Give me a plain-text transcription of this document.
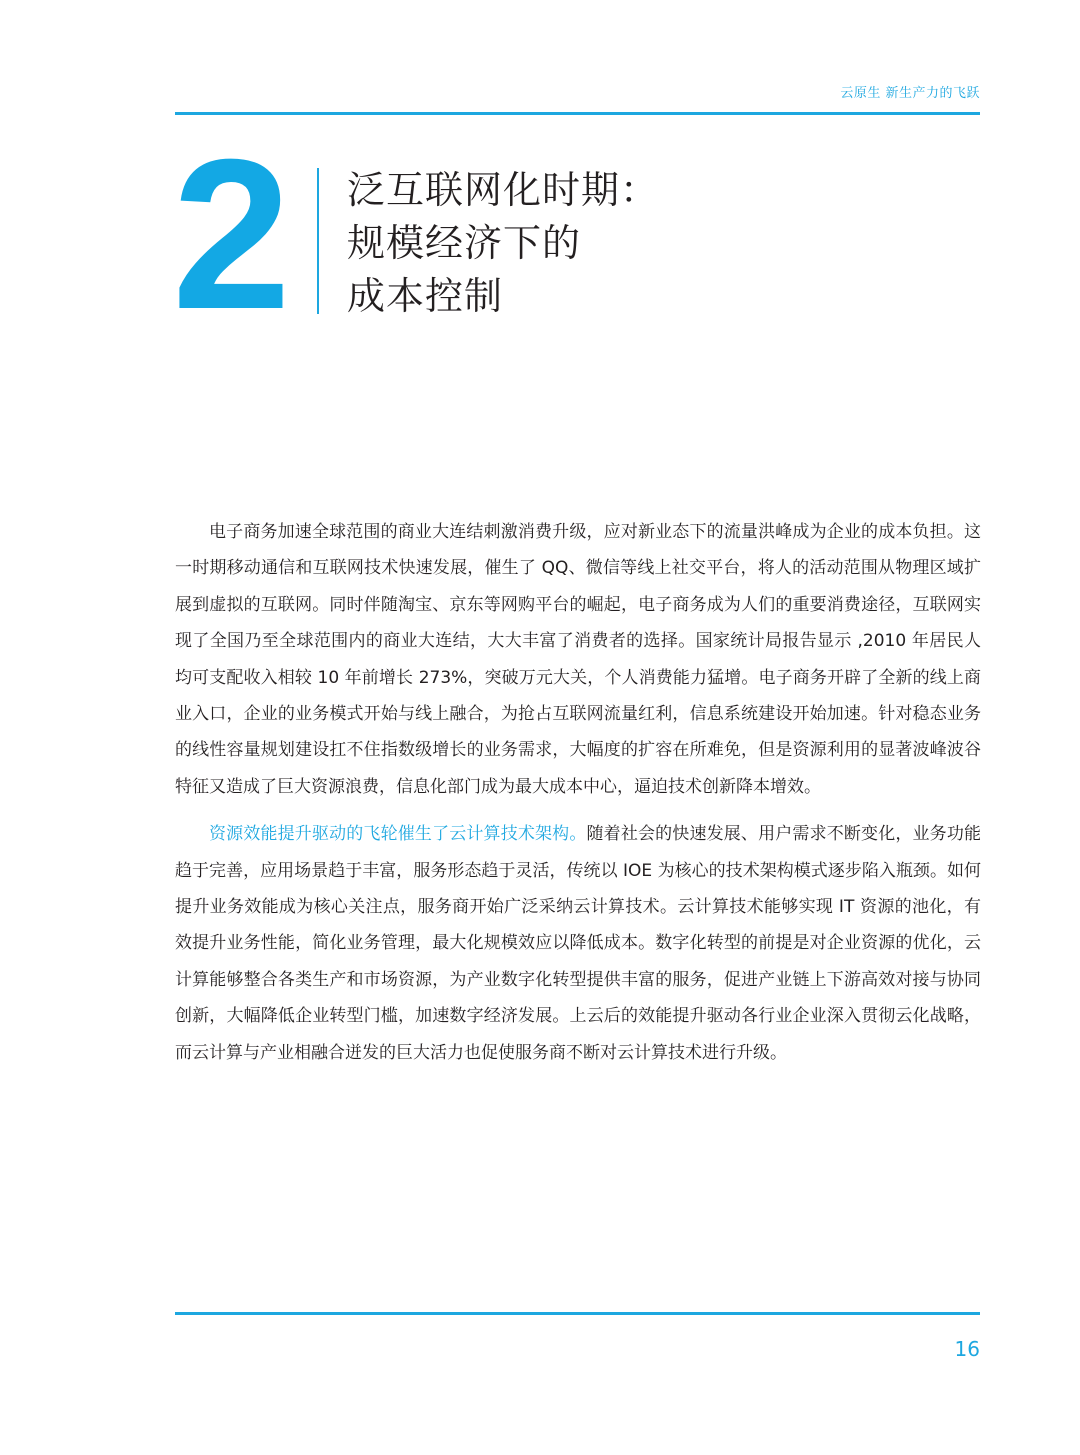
云原生 新生产力的飞跃
2	泛互联网化时期：
规模经济下的
成本控制

电子商务加速全球范围的商业大连结刺激消费升级，应对新业态下的流量洪峰成为企业的成本负担。这一时期移动通信和互联网技术快速发展，催生了 QQ、微信等线上社交平台，将人的活动范围从物理区域扩展到虚拟的互联网。同时伴随淘宝、京东等网购平台的崛起，电子商务成为人们的重要消费途径，互联网实现了全国乃至全球范围内的商业大连结，大大丰富了消费者的选择。国家统计局报告显示 ,2010 年居民人均可支配收入相较 10 年前增长 273%，突破万元大关，个人消费能力猛增。电子商务开辟了全新的线上商业入口，企业的业务模式开始与线上融合，为抢占互联网流量红利，信息系统建设开始加速。针对稳态业务的线性容量规划建设扛不住指数级增长的业务需求，大幅度的扩容在所难免，但是资源利用的显著波峰波谷特征又造成了巨大资源浪费，信息化部门成为最大成本中心，逼迫技术创新降本增效。

资源效能提升驱动的飞轮催生了云计算技术架构。随着社会的快速发展、用户需求不断变化，业务功能趋于完善，应用场景趋于丰富，服务形态趋于灵活，传统以 IOE 为核心的技术架构模式逐步陷入瓶颈。如何提升业务效能成为核心关注点，服务商开始广泛采纳云计算技术。云计算技术能够实现 IT 资源的池化，有效提升业务性能，简化业务管理，最大化规模效应以降低成本。数字化转型的前提是对企业资源的优化，云计算能够整合各类生产和市场资源，为产业数字化转型提供丰富的服务，促进产业链上下游高效对接与协同创新，大幅降低企业转型门槛，加速数字经济发展。上云后的效能提升驱动各行业企业深入贯彻云化战略，而云计算与产业相融合迸发的巨大活力也促使服务商不断对云计算技术进行升级。

16
